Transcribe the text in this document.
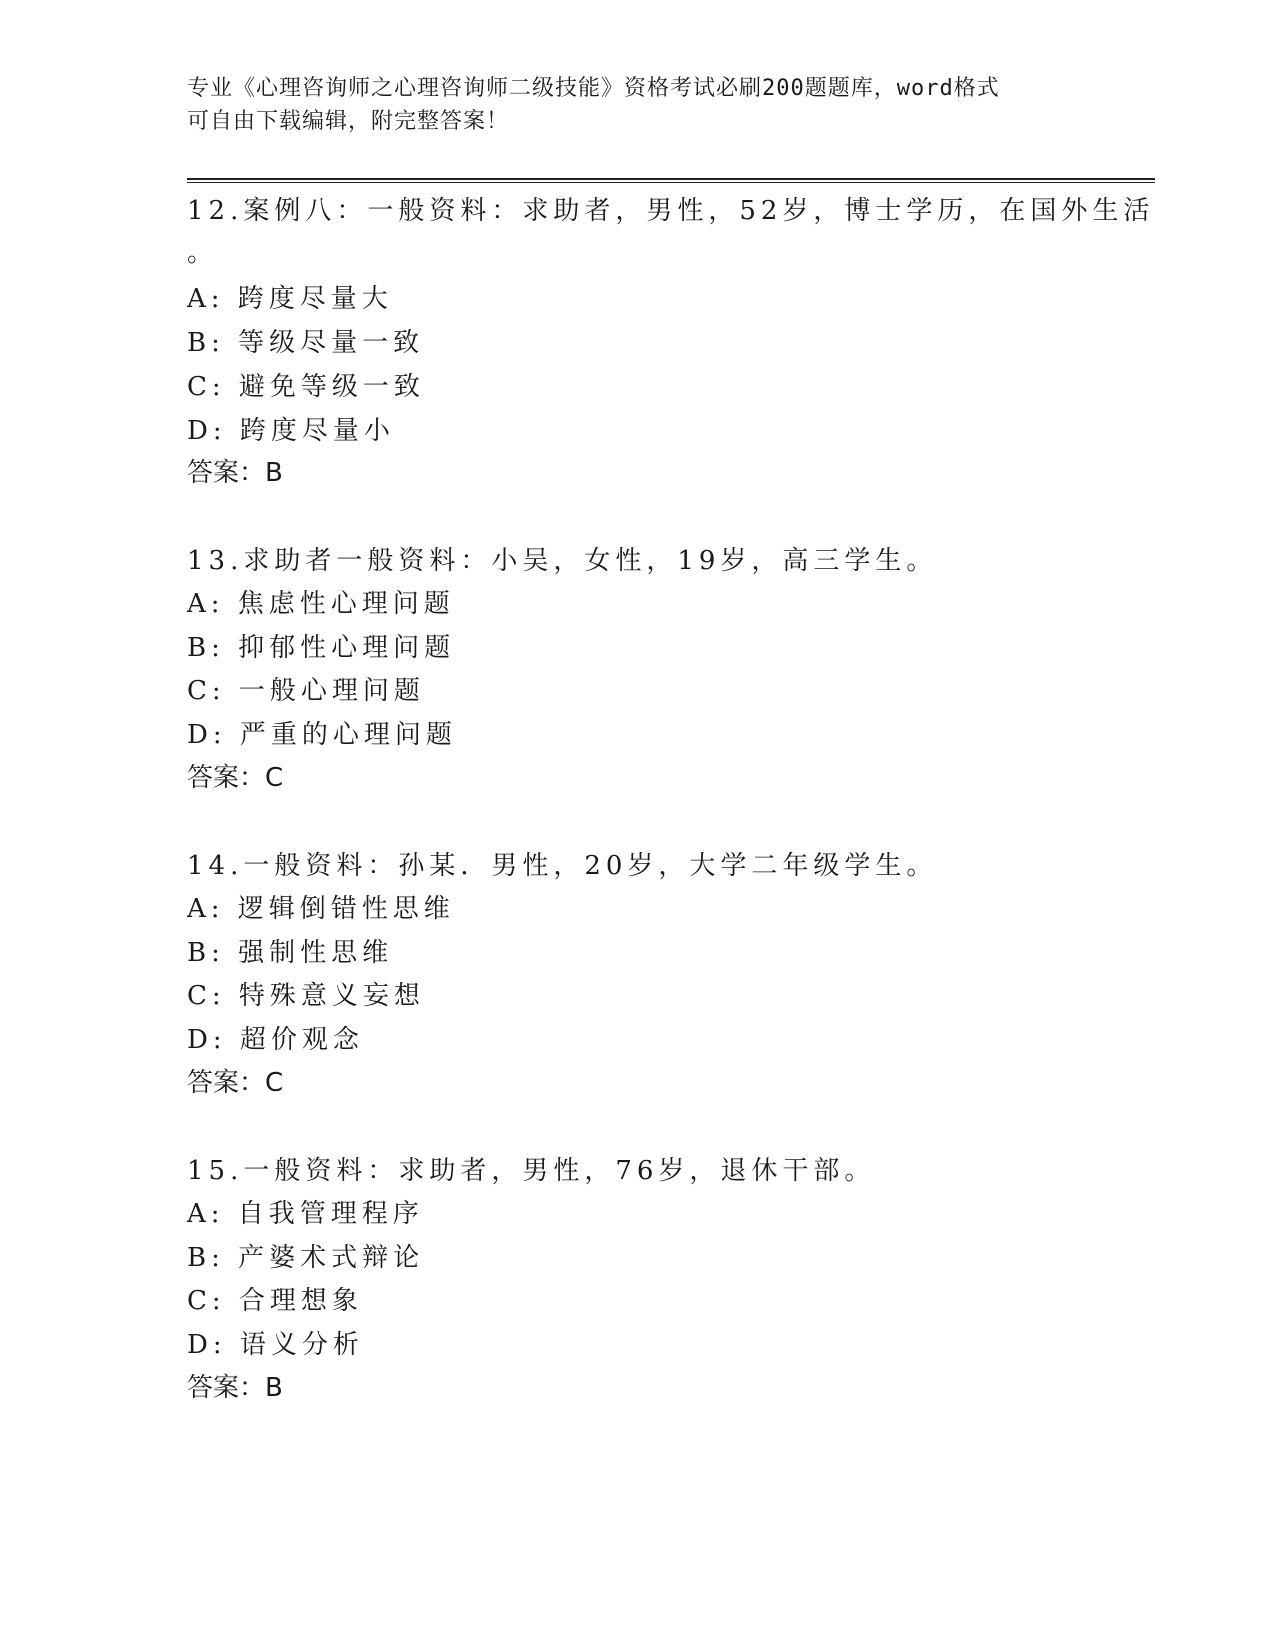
专业《心理咨询师之心理咨询师二级技能》资格考试必刷200题题库，word格式
可自由下载编辑，附完整答案！
12.案例八：一般资料：求助者，男性，52岁，博士学历，在国外生活
。
A: 跨度尽量大
B: 等级尽量一致
C: 避免等级一致
D: 跨度尽量小
答案：B
13.求助者一般资料：小吴，女性，19岁，高三学生。
A: 焦虑性心理问题
B: 抑郁性心理问题
C: 一般心理问题
D: 严重的心理问题
答案：C
14.一般资料：孙某．男性，20岁，大学二年级学生。
A: 逻辑倒错性思维
B: 强制性思维
C: 特殊意义妄想
D: 超价观念
答案：C
15.一般资料：求助者，男性，76岁，退休干部。
A: 自我管理程序
B: 产婆术式辩论
C: 合理想象
D: 语义分析
答案：B
